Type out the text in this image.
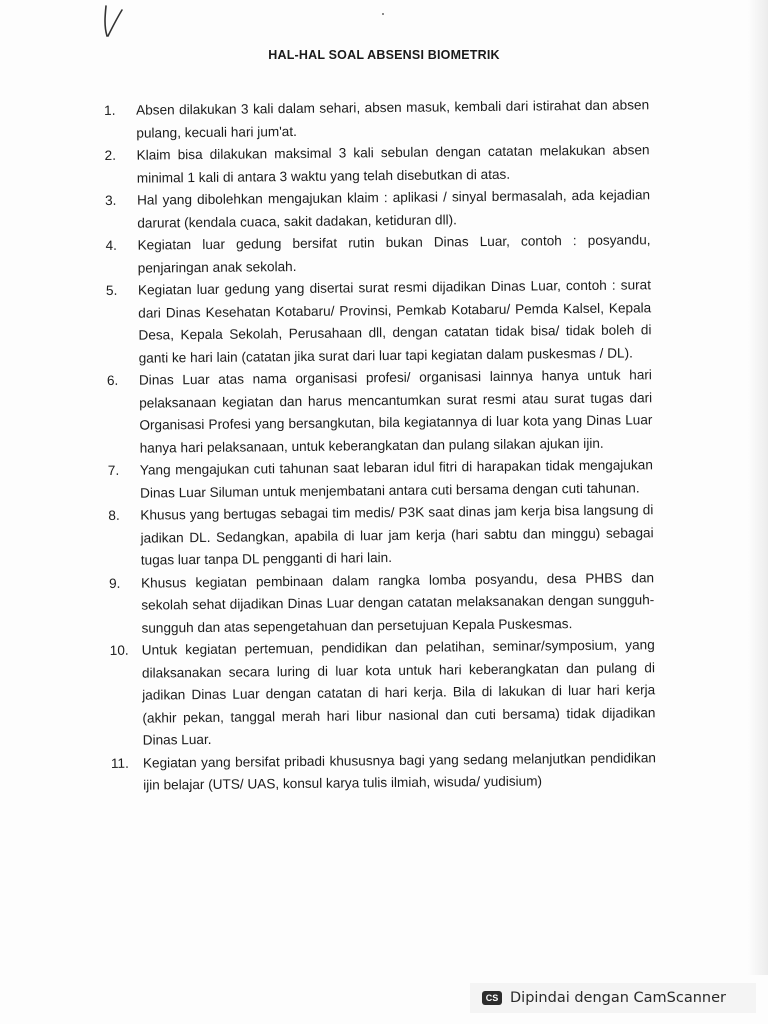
HAL-HAL SOAL ABSENSI BIOMETRIK
1.	Absen dilakukan 3 kali dalam sehari, absen masuk, kembali dari istirahat dan absen pulang, kecuali hari jum'at.
2.	Klaim bisa dilakukan maksimal 3 kali sebulan dengan catatan melakukan absen minimal 1 kali di antara 3 waktu yang telah disebutkan di atas.
3.	Hal yang dibolehkan mengajukan klaim : aplikasi / sinyal bermasalah, ada kejadian darurat (kendala cuaca, sakit dadakan, ketiduran dll).
4.	Kegiatan luar gedung bersifat rutin bukan Dinas Luar, contoh : posyandu, penjaringan anak sekolah.
5.	Kegiatan luar gedung yang disertai surat resmi dijadikan Dinas Luar, contoh : surat dari Dinas Kesehatan Kotabaru/ Provinsi, Pemkab Kotabaru/ Pemda Kalsel, Kepala Desa, Kepala Sekolah, Perusahaan dll, dengan catatan tidak bisa/ tidak boleh di ganti ke hari lain (catatan jika surat dari luar tapi kegiatan dalam puskesmas / DL).
6.	Dinas Luar atas nama organisasi profesi/ organisasi lainnya hanya untuk hari pelaksanaan kegiatan dan harus mencantumkan surat resmi atau surat tugas dari Organisasi Profesi yang bersangkutan, bila kegiatannya di luar kota yang Dinas Luar hanya hari pelaksanaan, untuk keberangkatan dan pulang silakan ajukan ijin.
7.	Yang mengajukan cuti tahunan saat lebaran idul fitri di harapakan tidak mengajukan Dinas Luar Siluman untuk menjembatani antara cuti bersama dengan cuti tahunan.
8.	Khusus yang bertugas sebagai tim medis/ P3K saat dinas jam kerja bisa langsung di jadikan DL. Sedangkan, apabila di luar jam kerja (hari sabtu dan minggu) sebagai tugas luar tanpa DL pengganti di hari lain.
9.	Khusus kegiatan pembinaan dalam rangka lomba posyandu, desa PHBS dan sekolah sehat dijadikan Dinas Luar dengan catatan melaksanakan dengan sungguh-sungguh dan atas sepengetahuan dan persetujuan Kepala Puskesmas.
10. Untuk kegiatan pertemuan, pendidikan dan pelatihan, seminar/symposium, yang dilaksanakan secara luring di luar kota untuk hari keberangkatan dan pulang di jadikan Dinas Luar dengan catatan di hari kerja. Bila di lakukan di luar hari kerja (akhir pekan, tanggal merah hari libur nasional dan cuti bersama) tidak dijadikan Dinas Luar.
11.	Kegiatan yang bersifat pribadi khususnya bagi yang sedang melanjutkan pendidikan ijin belajar (UTS/ UAS, konsul karya tulis ilmiah, wisuda/ yudisium)
CS Dipindai dengan CamScanner
